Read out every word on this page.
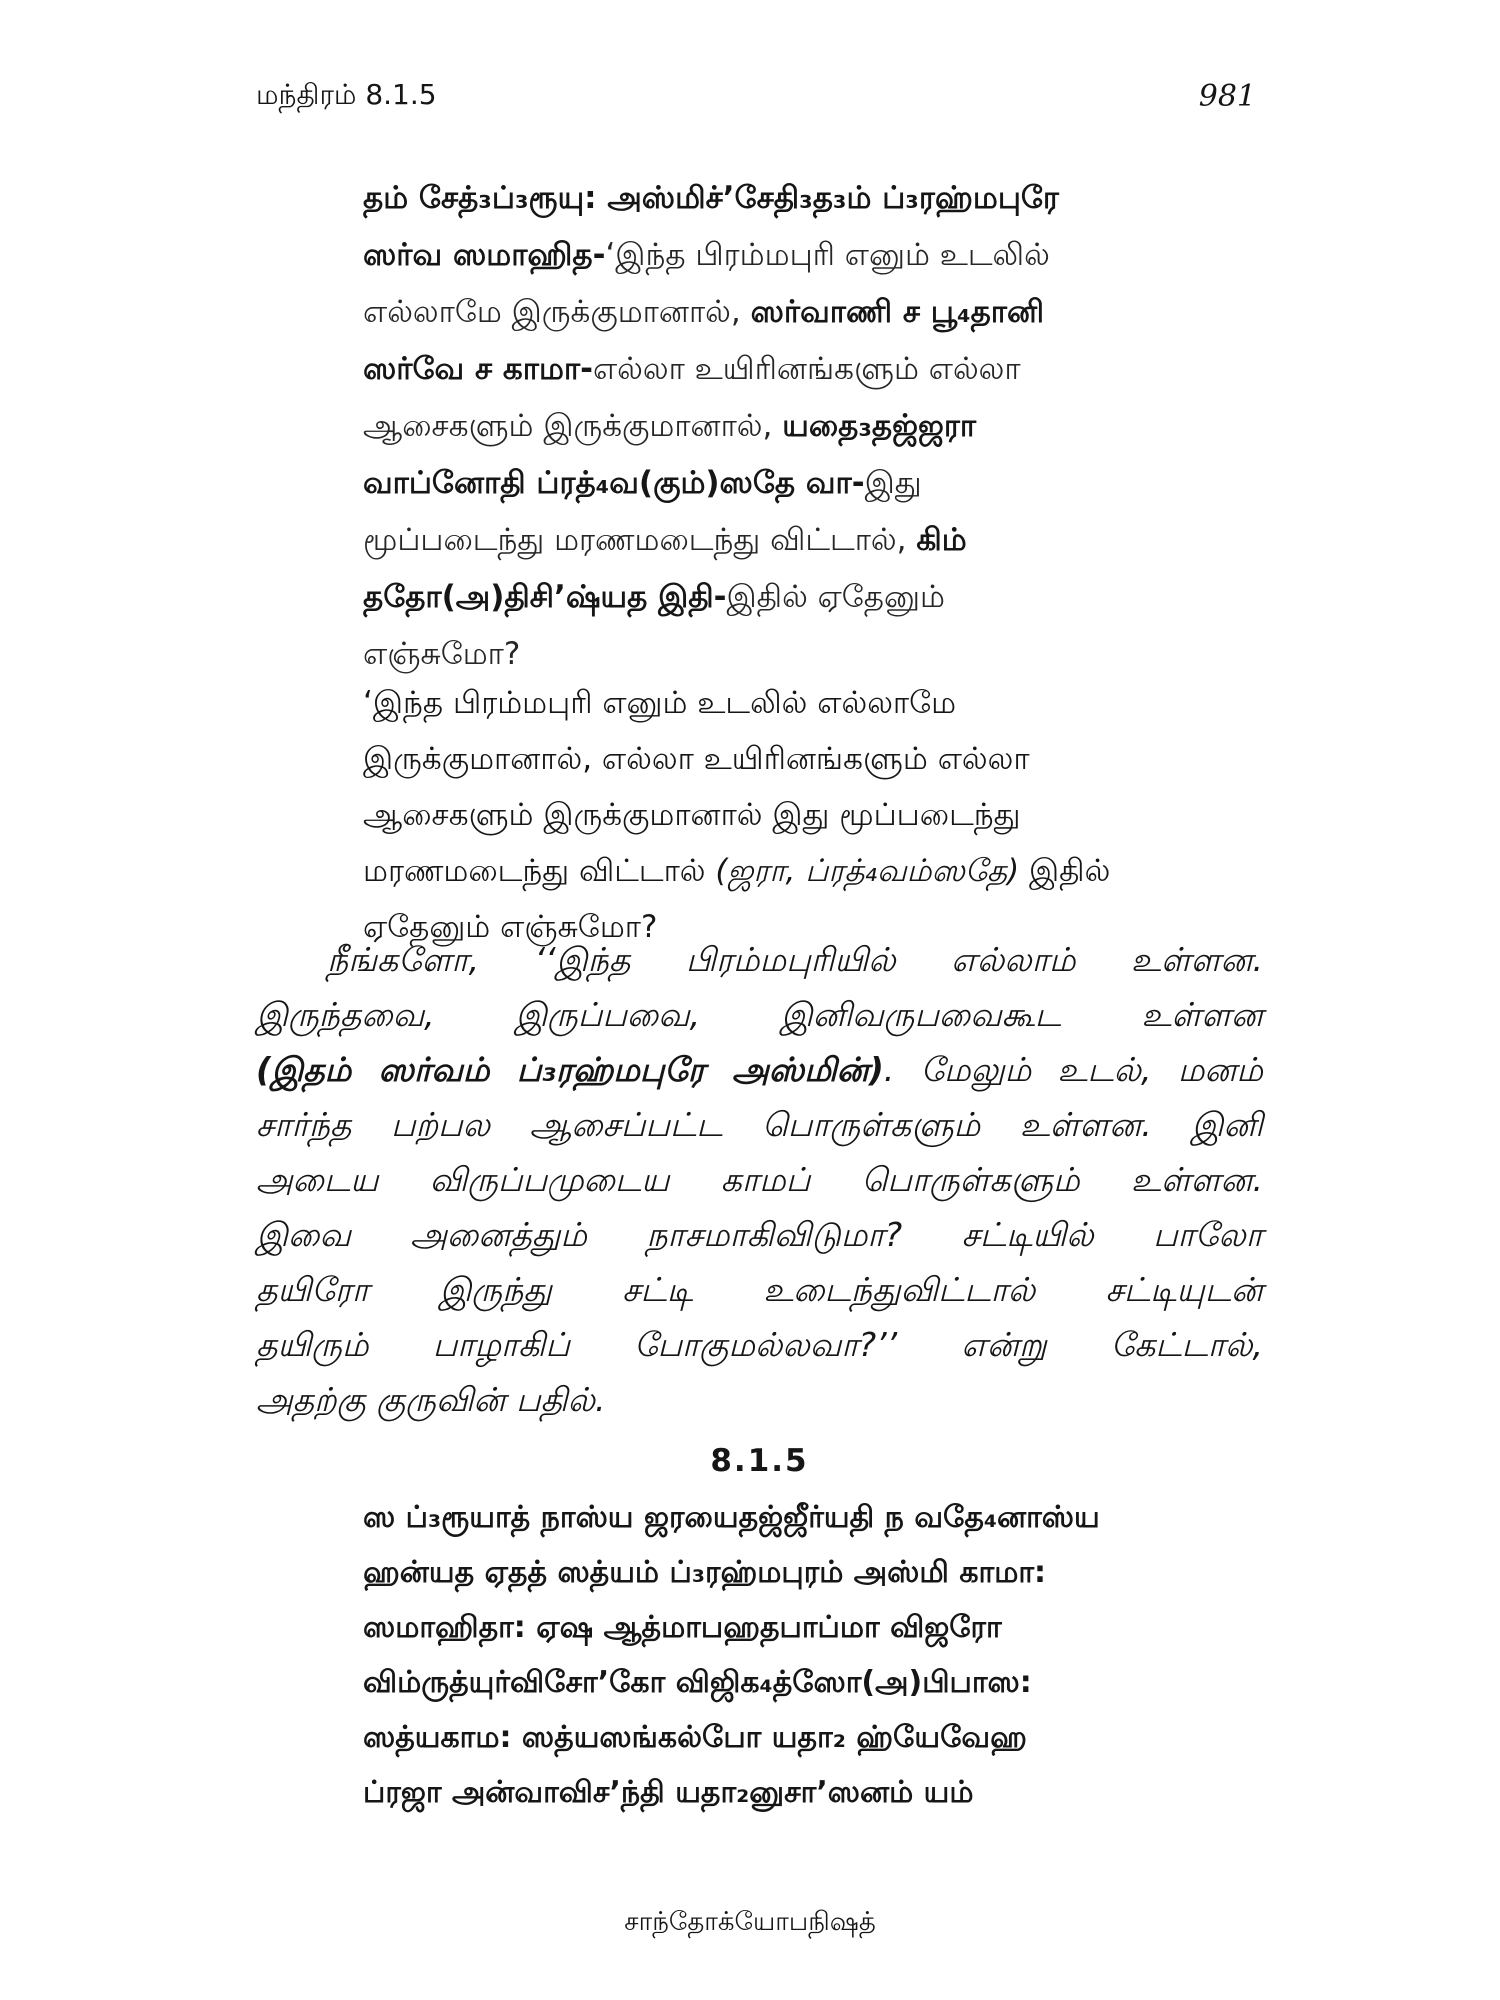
மந்திரம் 8.1.5	981
தம் சேத்₃ப்₃ரூயு: அஸ்மிச்’சேதி₃த₃ம் ப்₃ரஹ்மபுரே
ஸர்வ ஸமாஹித-‘இந்த பிரம்மபுரி எனும் உடலில்
எல்லாமே இருக்குமானால், ஸர்வாணி ச பூ₄தானி
ஸர்வே ச காமா-எல்லா உயிரினங்களும் எல்லா
ஆசைகளும் இருக்குமானால், யதை₃தஜ்ஜரா
வாப்னோதி ப்ரத்₄வ(கும்)ஸதே வா-இது
மூப்படைந்து மரணமடைந்து விட்டால், கிம்
ததோ(அ)திசி’ஷ்யத இதி-இதில் ஏதேனும்
எஞ்சுமோ?
‘இந்த பிரம்மபுரி எனும் உடலில் எல்லாமே
இருக்குமானால், எல்லா உயிரினங்களும் எல்லா
ஆசைகளும் இருக்குமானால் இது மூப்படைந்து
மரணமடைந்து விட்டால் (ஜரா, ப்ரத்₄வம்ஸதே) இதில்
ஏதேனும் எஞ்சுமோ?
நீங்களோ, ‘‘இந்த பிரம்மபுரியில் எல்லாம் உள்ளன.
இருந்தவை, இருப்பவை, இனிவருபவைகூட உள்ளன
(இதம் ஸர்வம் ப்₃ரஹ்மபுரே அஸ்மின்). மேலும் உடல், மனம்
சார்ந்த பற்பல ஆசைப்பட்ட பொருள்களும் உள்ளன. இனி
அடைய விருப்பமுடைய காமப் பொருள்களும் உள்ளன.
இவை அனைத்தும் நாசமாகிவிடுமா? சட்டியில் பாலோ
தயிரோ இருந்து சட்டி உடைந்துவிட்டால் சட்டியுடன்
தயிரும் பாழாகிப் போகுமல்லவா?’’ என்று கேட்டால்,
அதற்கு குருவின் பதில்.
8.1.5
ஸ ப்₃ரூயாத் நாஸ்ய ஜரயைதஜ்ஜீர்யதி ந வதே₄னாஸ்ய
ஹன்யத ஏதத் ஸத்யம் ப்₃ரஹ்மபுரம் அஸ்மி காமா:
ஸமாஹிதா: ஏஷ ஆத்மாபஹதபாப்மா விஜரோ
விம்ருத்யுர்விசோ’கோ விஜிக₄த்ஸோ(அ)பிபாஸ:
ஸத்யகாம: ஸத்யஸங்கல்போ யதா₂ ஹ்யேவேஹ
ப்ரஜா அன்வாவிச’ந்தி யதா₂னுசா’ஸனம் யம்
சாந்தோக்யோபநிஷத்
